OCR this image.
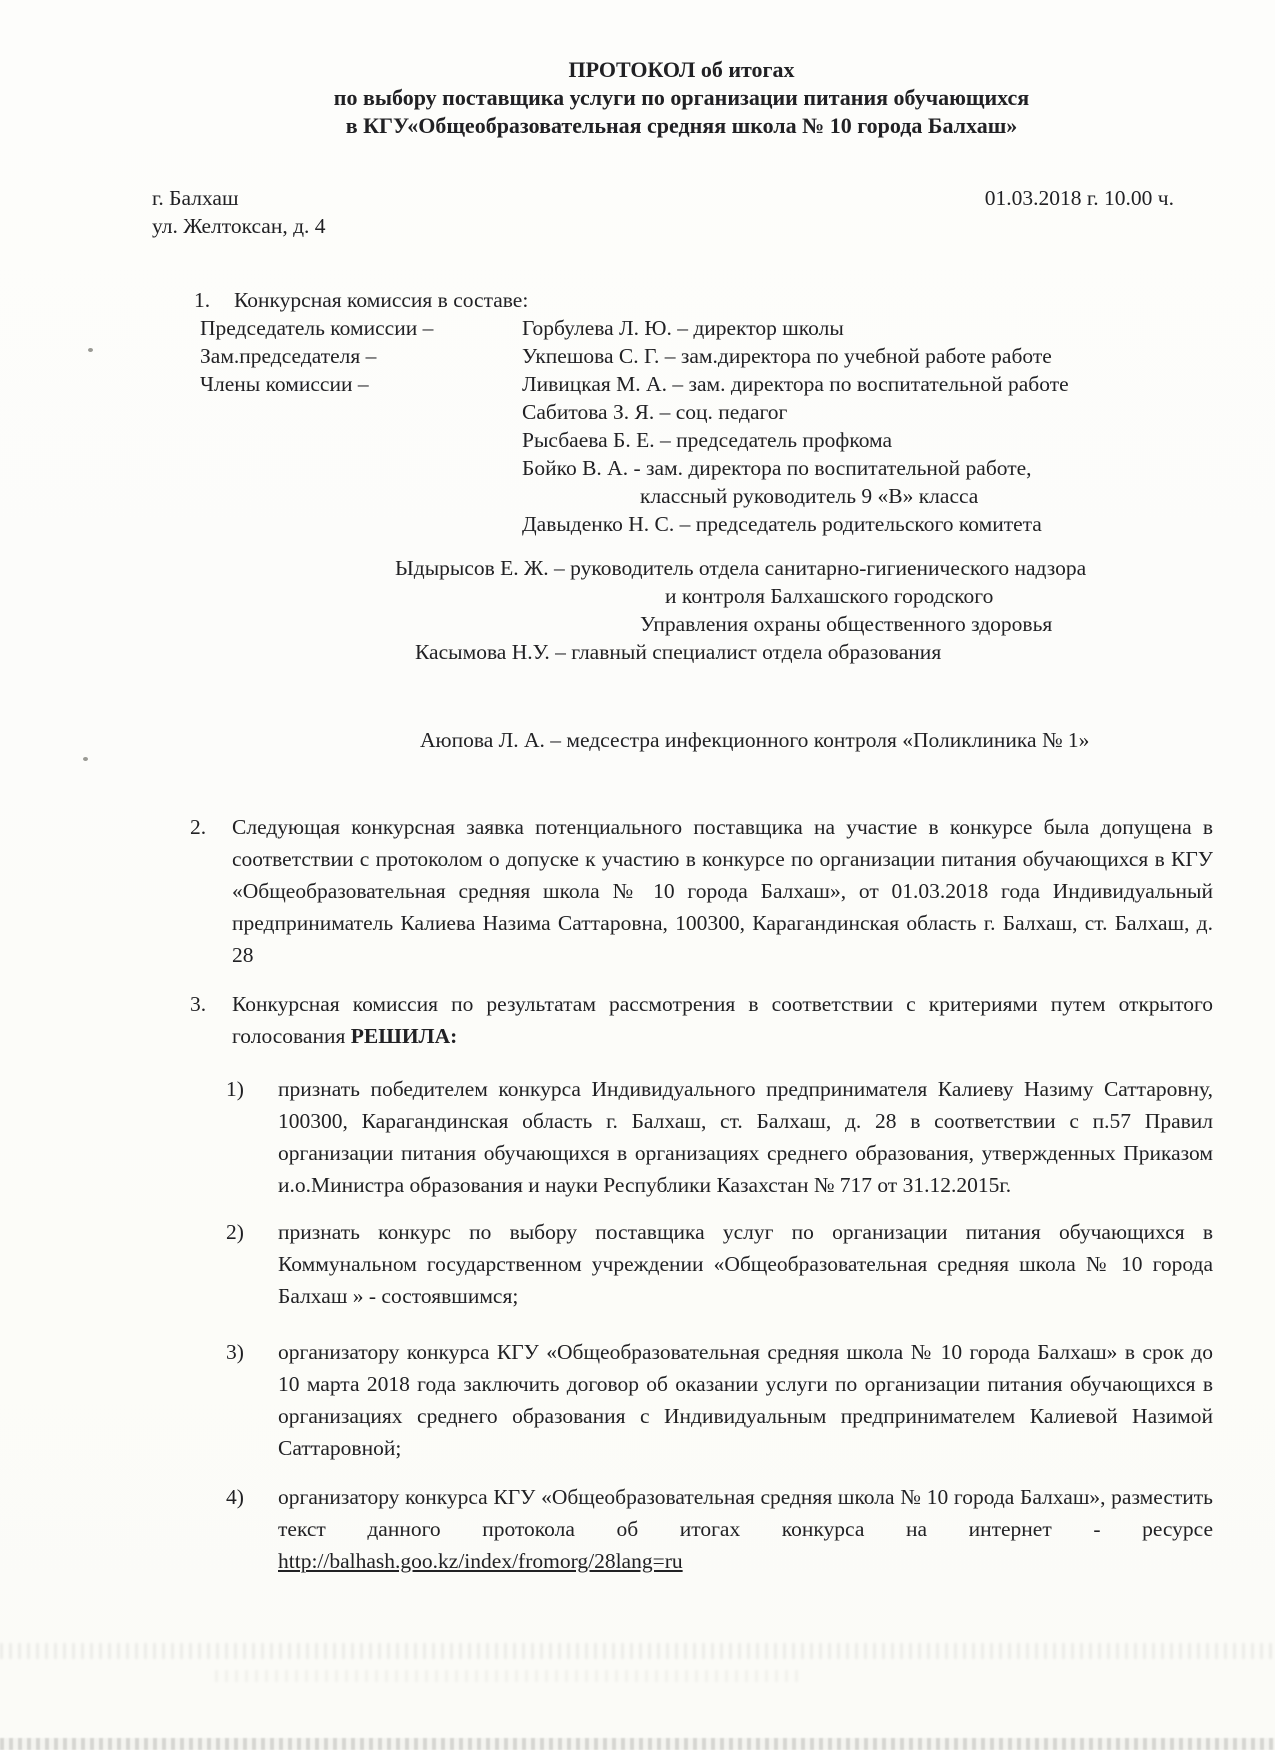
ПРОТОКОЛ об итогах
по выбору поставщика услуги по организации питания обучающихся
в КГУ«Общеобразовательная средняя школа № 10 города Балхаш»
г. Балхаш
ул. Желтоксан, д. 4
01.03.2018 г. 10.00 ч.
1.	Конкурсная комиссия в составе:
Председатель комиссии –	Горбулева Л. Ю. – директор школы
Зам.председателя –	Укпешова С. Г. – зам.директора по учебной работе работе
Члены комиссии –	Ливицкая М. А. – зам. директора по воспитательной работе
Сабитова З. Я. – соц. педагог
Рысбаева Б. Е. – председатель профкома
Бойко В. А. - зам. директора по воспитательной работе,
классный руководитель 9 «В» класса
Давыденко Н. С. – председатель родительского комитета
Ыдырысов Е. Ж. – руководитель отдела санитарно-гигиенического надзора
и контроля Балхашского городского
Управления охраны общественного здоровья
Касымова Н.У. – главный специалист отдела образования
Аюпова Л. А. – медсестра инфекционного контроля «Поликлиника № 1»
2.	Следующая конкурсная заявка потенциального поставщика на участие в конкурсе была допущена в соответствии с протоколом о допуске к участию в конкурсе по организации питания обучающихся в КГУ «Общеобразовательная средняя школа № 10 города Балхаш», от 01.03.2018 года Индивидуальный предприниматель Калиева Назима Саттаровна, 100300, Карагандинская область г. Балхаш, ст. Балхаш, д. 28
3.	Конкурсная комиссия по результатам рассмотрения в соответствии с критериями путем открытого голосования РЕШИЛА:
1)	признать победителем конкурса Индивидуального предпринимателя Калиеву Назиму Саттаровну, 100300, Карагандинская область г. Балхаш, ст. Балхаш, д. 28 в соответствии с п.57 Правил организации питания обучающихся в организациях среднего образования, утвержденных Приказом и.о.Министра образования и науки Республики Казахстан № 717 от 31.12.2015г.
2)	признать конкурс по выбору поставщика услуг по организации питания обучающихся в Коммунальном государственном учреждении «Общеобразовательная средняя школа № 10 города Балхаш » - состоявшимся;
3)	организатору конкурса КГУ «Общеобразовательная средняя школа № 10 города Балхаш» в срок до 10 марта 2018 года заключить договор об оказании услуги по организации питания обучающихся в организациях среднего образования с Индивидуальным предпринимателем Калиевой Назимой Саттаровной;
4)	организатору конкурса КГУ «Общеобразовательная средняя школа № 10 города Балхаш», разместить текст данного протокола об итогах конкурса на интернет - ресурсе http://balhash.goo.kz/index/fromorg/28lang=ru
